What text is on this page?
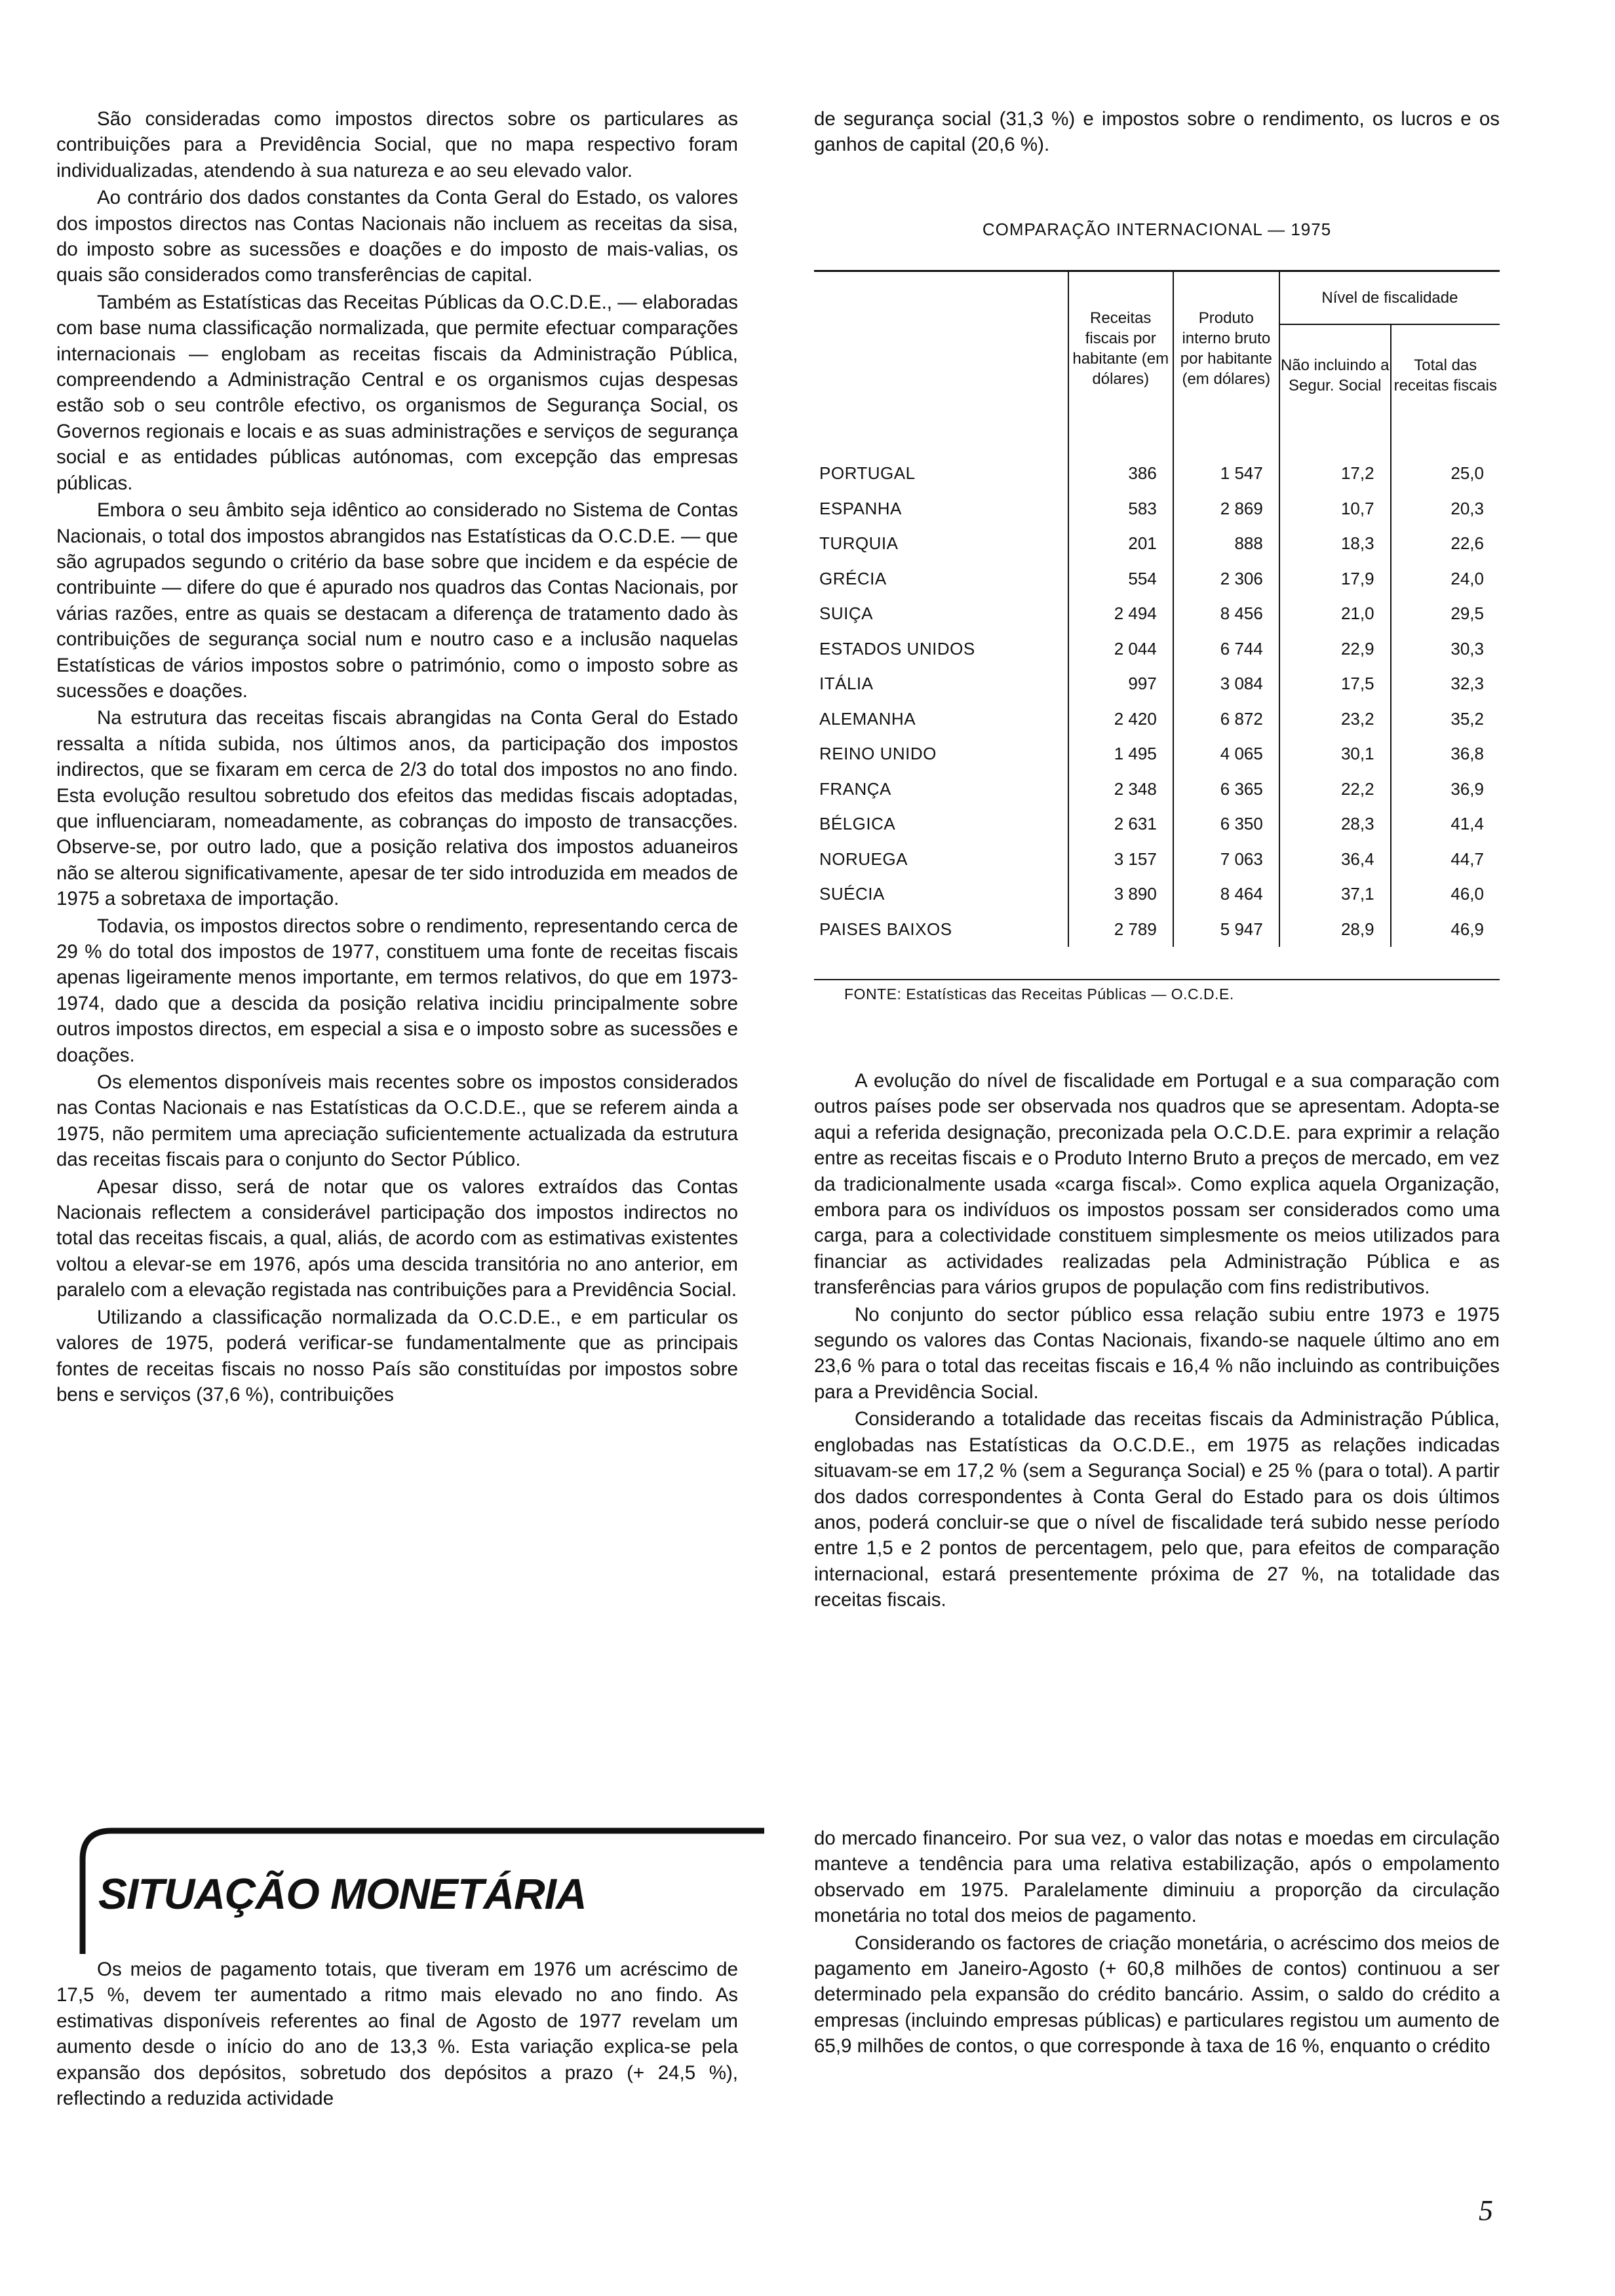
São consideradas como impostos directos sobre os particulares as contribuições para a Previdência Social, que no mapa respectivo foram individualizadas, atendendo à sua natureza e ao seu elevado valor.

Ao contrário dos dados constantes da Conta Geral do Estado, os valores dos impostos directos nas Contas Nacionais não incluem as receitas da sisa, do imposto sobre as sucessões e doações e do imposto de mais-valias, os quais são considerados como transferências de capital.

Também as Estatísticas das Receitas Públicas da O.C.D.E., — elaboradas com base numa classificação normalizada, que permite efectuar comparações internacionais — englobam as receitas fiscais da Administração Pública, compreendendo a Administração Central e os organismos cujas despesas estão sob o seu contrôle efectivo, os organismos de Segurança Social, os Governos regionais e locais e as suas administrações e serviços de segurança social e as entidades públicas autónomas, com excepção das empresas públicas.

Embora o seu âmbito seja idêntico ao considerado no Sistema de Contas Nacionais, o total dos impostos abrangidos nas Estatísticas da O.C.D.E. — que são agrupados segundo o critério da base sobre que incidem e da espécie de contribuinte — difere do que é apurado nos quadros das Contas Nacionais, por várias razões, entre as quais se destacam a diferença de tratamento dado às contribuições de segurança social num e noutro caso e a inclusão naquelas Estatísticas de vários impostos sobre o património, como o imposto sobre as sucessões e doações.

Na estrutura das receitas fiscais abrangidas na Conta Geral do Estado ressalta a nítida subida, nos últimos anos, da participação dos impostos indirectos, que se fixaram em cerca de 2/3 do total dos impostos no ano findo. Esta evolução resultou sobretudo dos efeitos das medidas fiscais adoptadas, que influenciaram, nomeadamente, as cobranças do imposto de transacções. Observe-se, por outro lado, que a posição relativa dos impostos aduaneiros não se alterou significativamente, apesar de ter sido introduzida em meados de 1975 a sobretaxa de importação.

Todavia, os impostos directos sobre o rendimento, representando cerca de 29 % do total dos impostos de 1977, constituem uma fonte de receitas fiscais apenas ligeiramente menos importante, em termos relativos, do que em 1973-1974, dado que a descida da posição relativa incidiu principalmente sobre outros impostos directos, em especial a sisa e o imposto sobre as sucessões e doações.

Os elementos disponíveis mais recentes sobre os impostos considerados nas Contas Nacionais e nas Estatísticas da O.C.D.E., que se referem ainda a 1975, não permitem uma apreciação suficientemente actualizada da estrutura das receitas fiscais para o conjunto do Sector Público.

Apesar disso, será de notar que os valores extraídos das Contas Nacionais reflectem a considerável participação dos impostos indirectos no total das receitas fiscais, a qual, aliás, de acordo com as estimativas existentes voltou a elevar-se em 1976, após uma descida transitória no ano anterior, em paralelo com a elevação registada nas contribuições para a Previdência Social.

Utilizando a classificação normalizada da O.C.D.E., e em particular os valores de 1975, poderá verificar-se fundamentalmente que as principais fontes de receitas fiscais no nosso País são constituídas por impostos sobre bens e serviços (37,6 %), contribuições

de segurança social (31,3 %) e impostos sobre o rendimento, os lucros e os ganhos de capital (20,6 %).

COMPARAÇÃO INTERNACIONAL — 1975
	Receitas fiscais por habitante (em dólares)	Produto interno bruto por habitante (em dólares)	Nível de fiscalidade	
			Não incluindo a Segur. Social	Total das receitas fiscais

PORTUGAL	386	1 547	17,2	25,0
ESPANHA	583	2 869	10,7	20,3
TURQUIA	201	888	18,3	22,6
GRÉCIA	554	2 306	17,9	24,0
SUIÇA	2 494	8 456	21,0	29,5
ESTADOS UNIDOS	2 044	6 744	22,9	30,3
ITÁLIA	997	3 084	17,5	32,3
ALEMANHA	2 420	6 872	23,2	35,2
REINO UNIDO	1 495	4 065	30,1	36,8
FRANÇA	2 348	6 365	22,2	36,9
BÉLGICA	2 631	6 350	28,3	41,4
NORUEGA	3 157	7 063	36,4	44,7
SUÉCIA	3 890	8 464	37,1	46,0
PAISES BAIXOS	2 789	5 947	28,9	46,9
FONTE: Estatísticas das Receitas Públicas — O.C.D.E.

A evolução do nível de fiscalidade em Portugal e a sua comparação com outros países pode ser observada nos quadros que se apresentam. Adopta-se aqui a referida designação, preconizada pela O.C.D.E. para exprimir a relação entre as receitas fiscais e o Produto Interno Bruto a preços de mercado, em vez da tradicionalmente usada «carga fiscal». Como explica aquela Organização, embora para os indivíduos os impostos possam ser considerados como uma carga, para a colectividade constituem simplesmente os meios utilizados para financiar as actividades realizadas pela Administração Pública e as transferências para vários grupos de população com fins redistributivos.

No conjunto do sector público essa relação subiu entre 1973 e 1975 segundo os valores das Contas Nacionais, fixando-se naquele último ano em 23,6 % para o total das receitas fiscais e 16,4 % não incluindo as contribuições para a Previdência Social.

Considerando a totalidade das receitas fiscais da Administração Pública, englobadas nas Estatísticas da O.C.D.E., em 1975 as relações indicadas situavam-se em 17,2 % (sem a Segurança Social) e 25 % (para o total). A partir dos dados correspondentes à Conta Geral do Estado para os dois últimos anos, poderá concluir-se que o nível de fiscalidade terá subido nesse período entre 1,5 e 2 pontos de percentagem, pelo que, para efeitos de comparação internacional, estará presentemente próxima de 27 %, na totalidade das receitas fiscais.

SITUAÇÃO MONETÁRIA

Os meios de pagamento totais, que tiveram em 1976 um acréscimo de 17,5 %, devem ter aumentado a ritmo mais elevado no ano findo. As estimativas disponíveis referentes ao final de Agosto de 1977 revelam um aumento desde o início do ano de 13,3 %. Esta variação explica-se pela expansão dos depósitos, sobretudo dos depósitos a prazo (+ 24,5 %), reflectindo a reduzida actividade

do mercado financeiro. Por sua vez, o valor das notas e moedas em circulação manteve a tendência para uma relativa estabilização, após o empolamento observado em 1975. Paralelamente diminuiu a proporção da circulação monetária no total dos meios de pagamento.

Considerando os factores de criação monetária, o acréscimo dos meios de pagamento em Janeiro-Agosto (+ 60,8 milhões de contos) continuou a ser determinado pela expansão do crédito bancário. Assim, o saldo do crédito a empresas (incluindo empresas públicas) e particulares registou um aumento de 65,9 milhões de contos, o que corresponde à taxa de 16 %, enquanto o crédito

5
